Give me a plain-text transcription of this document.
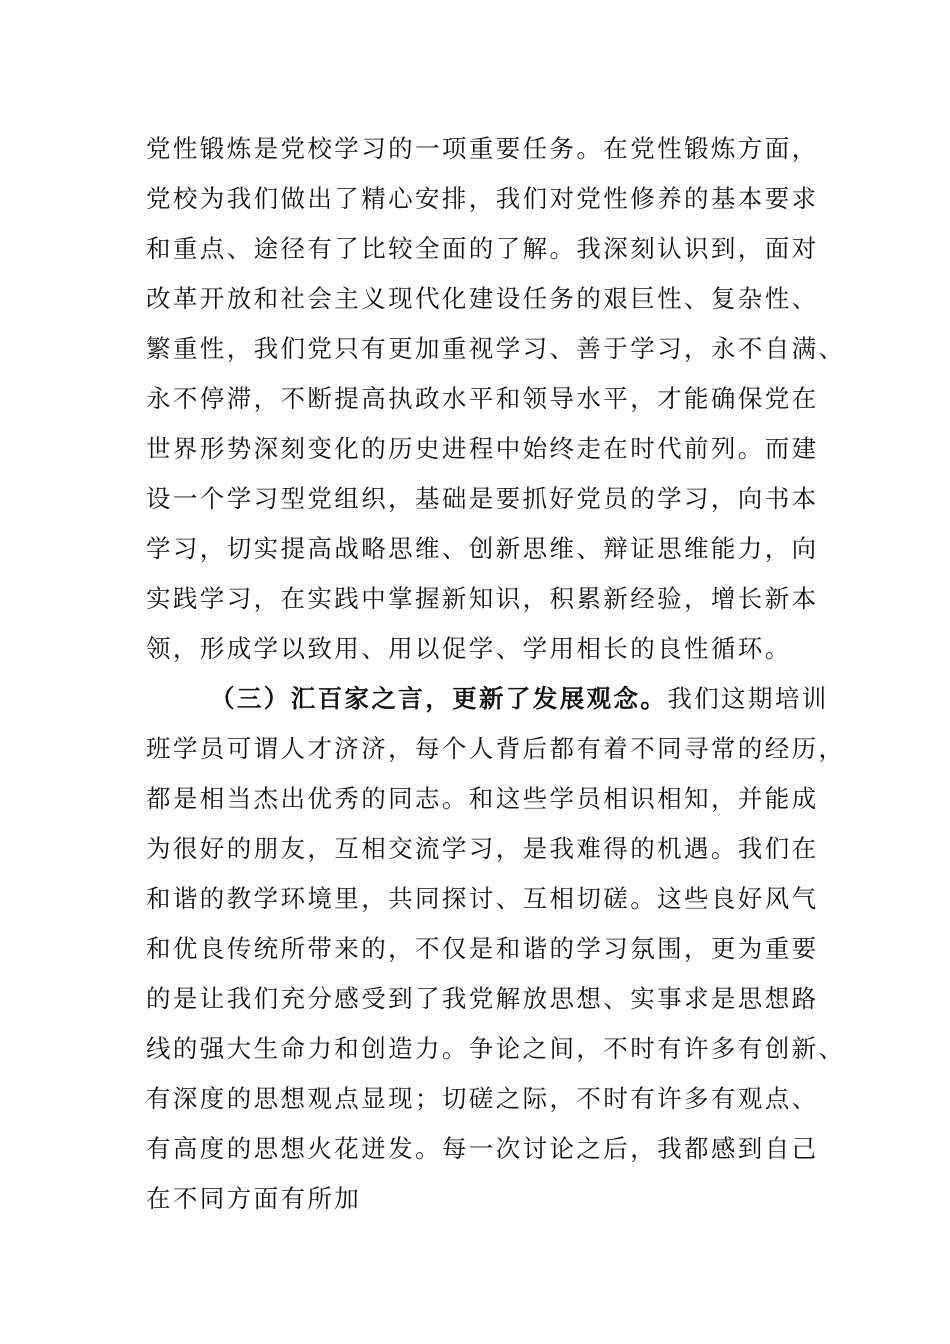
党性锻炼是党校学习的一项重要任务。在党性锻炼方面，
党校为我们做出了精心安排，我们对党性修养的基本要求
和重点、途径有了比较全面的了解。我深刻认识到，面对
改革开放和社会主义现代化建设任务的艰巨性、复杂性、
繁重性，我们党只有更加重视学习、善于学习，永不自满、
永不停滞，不断提高执政水平和领导水平，才能确保党在
世界形势深刻变化的历史进程中始终走在时代前列。而建
设一个学习型党组织，基础是要抓好党员的学习，向书本
学习，切实提高战略思维、创新思维、辩证思维能力，向
实践学习，在实践中掌握新知识，积累新经验，增长新本
领，形成学以致用、用以促学、学用相长的良性循环。
（三）汇百家之言，更新了发展观念。我们这期培训
班学员可谓人才济济，每个人背后都有着不同寻常的经历，
都是相当杰出优秀的同志。和这些学员相识相知，并能成
为很好的朋友，互相交流学习，是我难得的机遇。我们在
和谐的教学环境里，共同探讨、互相切磋。这些良好风气
和优良传统所带来的，不仅是和谐的学习氛围，更为重要
的是让我们充分感受到了我党解放思想、实事求是思想路
线的强大生命力和创造力。争论之间，不时有许多有创新、
有深度的思想观点显现；切磋之际，不时有许多有观点、
有高度的思想火花迸发。每一次讨论之后，我都感到自己
在不同方面有所加
